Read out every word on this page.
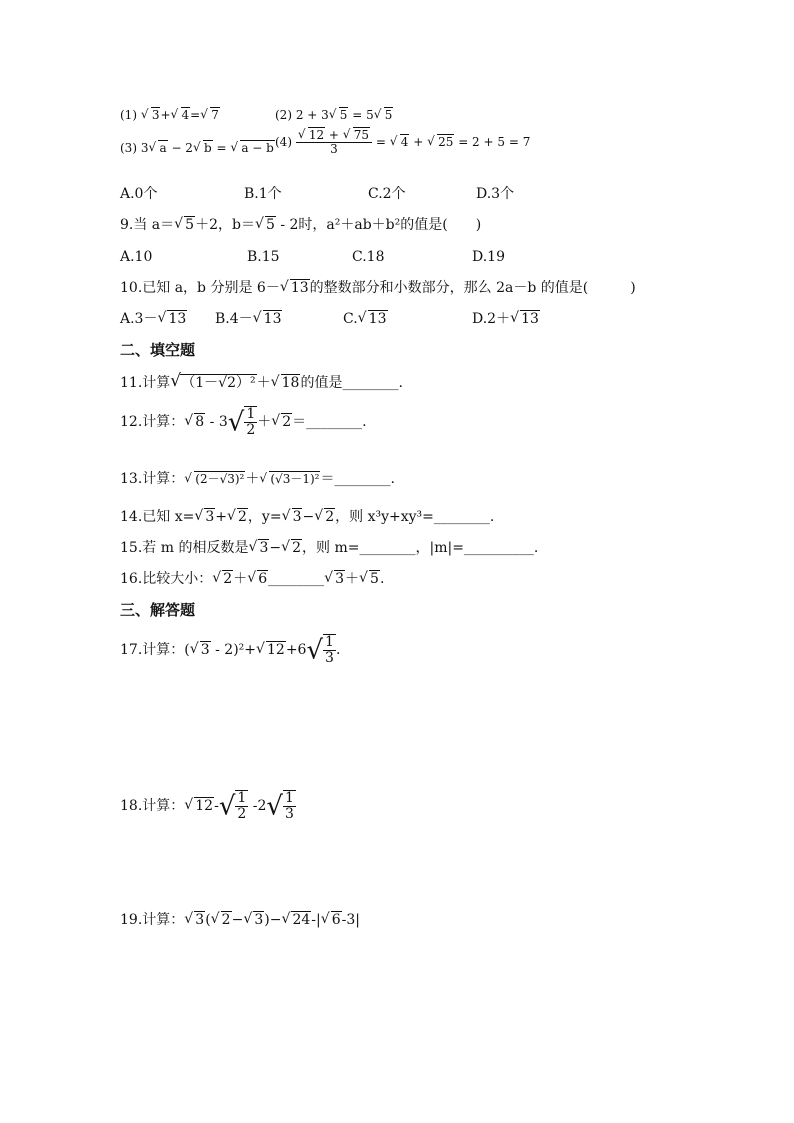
(1) √ 3+ √ 4= √ 7	(2) 2 + 3 √ 5 = 5 √ 5
(3) 3 √ a − 2 √ b = √ a − b (4) √ $\frac{12 + √ 75}{3}$ = √ 4 + √ 25 = 2 + 5 = 7
A.0个	B.1个	C.2个	D.3个
9.当 a＝ √ 5＋2，b＝ √ 5 - 2时，a²＋ab＋b²的值是(　　)
A.10	B.15	C.18	D.19
10.已知 a，b 分别是 6－ √ 13的整数部分和小数部分，那么 2a－b 的值是(　　　)
A.3－ √ 13 B.4－ √ 13	C. √ 13	D.2＋ √ 13
二、填空题
11.计算 √ （1－√2）²＋ √ 18的值是________.
12.计算： √ $8 - 3√ \frac{1}{2}$ ＋ √ 2＝________.
13.计算： √ (2－√3)²＋ √ (√3－1)²＝________.
14.已知 x= √ 3+ √ 2，y= √ 3− √ 2，则 x³y+xy³=________.
15.若 m 的相反数是 √ 3− √ 2，则 m=________，|m|=__________.
16.比较大小： √ 2＋ √ 6________ √ 3＋ √ 5.
三、解答题
17.计算：( √ 3 - 2)²+ √ $12+6√ \frac{1}{3}$ .
18.计算： √ $12-√ \frac{1}{2} -2√ \frac{1}{3}$
19.计算： √ 3( √ 2− √ 3)− √ 24-| √ 6-3|
